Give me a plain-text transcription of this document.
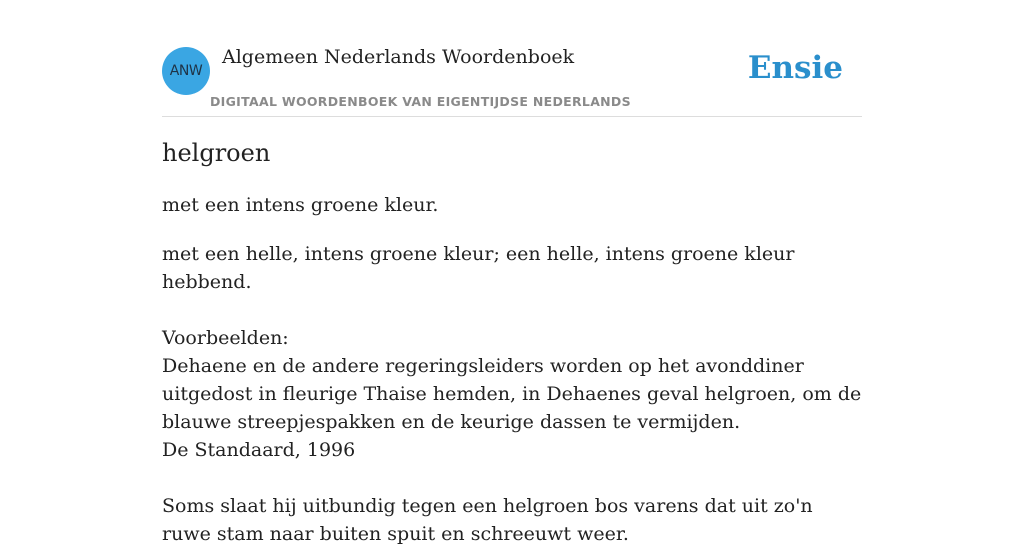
ANW
Algemeen Nederlands Woordenboek
DIGITAAL WOORDENBOEK VAN EIGENTIJDSE NEDERLANDS
Ensie
helgroen

met een intens groene kleur.

met een helle, intens groene kleur; een helle, intens groene kleur hebbend.

Voorbeelden:

Dehaene en de andere regeringsleiders worden op het avonddiner uitgedost in fleurige Thaise hemden, in Dehaenes geval helgroen, om de blauwe streepjespakken en de keurige dassen te vermijden.

De Standaard, 1996

Soms slaat hij uitbundig tegen een helgroen bos varens dat uit zo'n ruwe stam naar buiten spuit en schreeuwt weer.
